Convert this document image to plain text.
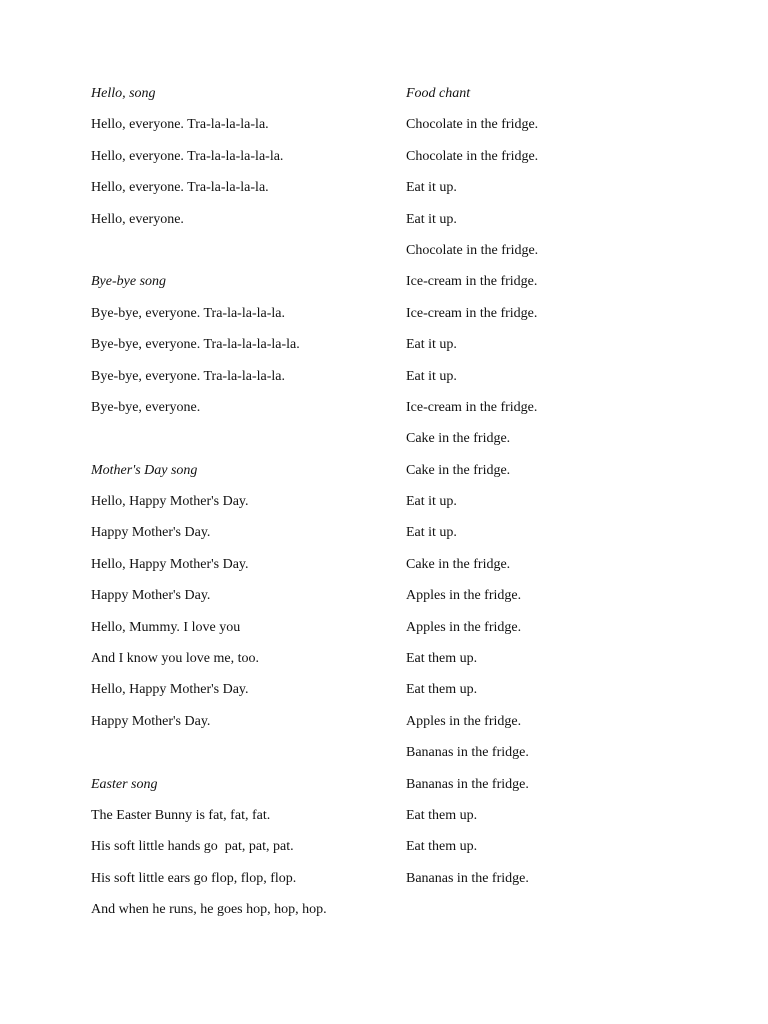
Hello, song
Hello, everyone. Tra-la-la-la-la.
Hello, everyone. Tra-la-la-la-la-la.
Hello, everyone. Tra-la-la-la-la.
Hello, everyone.
Bye-bye song
Bye-bye, everyone. Tra-la-la-la-la.
Bye-bye, everyone. Tra-la-la-la-la-la.
Bye-bye, everyone. Tra-la-la-la-la.
Bye-bye, everyone.
Mother's Day song
Hello, Happy Mother's Day.
Happy Mother's Day.
Hello, Happy Mother's Day.
Happy Mother's Day.
Hello, Mummy. I love you
And I know you love me, too.
Hello, Happy Mother's Day.
Happy Mother's Day.
Easter song
The Easter Bunny is fat, fat, fat.
His soft little hands go  pat, pat, pat.
His soft little ears go flop, flop, flop.
And when he runs, he goes hop, hop, hop.
Food chant
Chocolate in the fridge.
Chocolate in the fridge.
Eat it up.
Eat it up.
Chocolate in the fridge.
Ice-cream in the fridge.
Ice-cream in the fridge.
Eat it up.
Eat it up.
Ice-cream in the fridge.
Cake in the fridge.
Cake in the fridge.
Eat it up.
Eat it up.
Cake in the fridge.
Apples in the fridge.
Apples in the fridge.
Eat them up.
Eat them up.
Apples in the fridge.
Bananas in the fridge.
Bananas in the fridge.
Eat them up.
Eat them up.
Bananas in the fridge.
